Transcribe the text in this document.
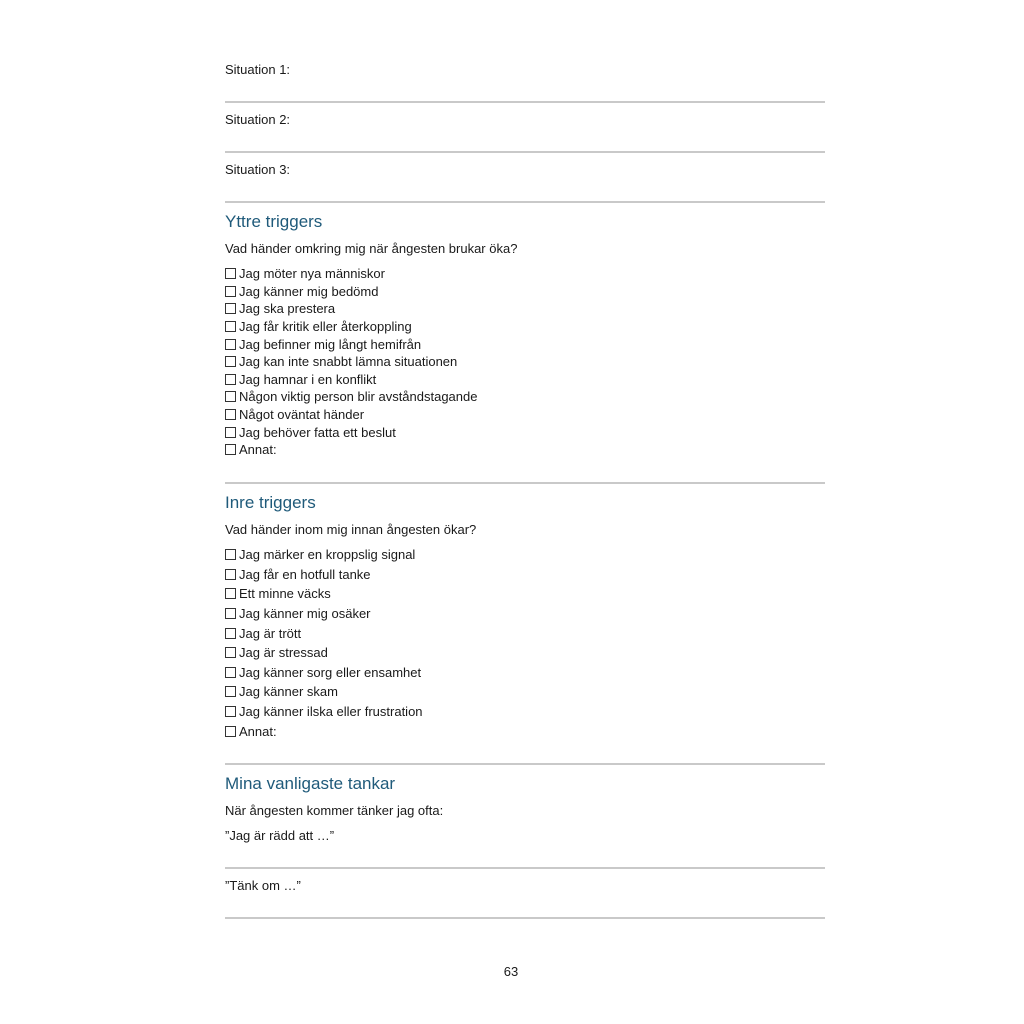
Situation 1:
Situation 2:
Situation 3:
Yttre triggers
Vad händer omkring mig när ångesten brukar öka?
Jag möter nya människor
Jag känner mig bedömd
Jag ska prestera
Jag får kritik eller återkoppling
Jag befinner mig långt hemifrån
Jag kan inte snabbt lämna situationen
Jag hamnar i en konflikt
Någon viktig person blir avståndstagande
Något oväntat händer
Jag behöver fatta ett beslut
Annat:
Inre triggers
Vad händer inom mig innan ångesten ökar?
Jag märker en kroppslig signal
Jag får en hotfull tanke
Ett minne väcks
Jag känner mig osäker
Jag är trött
Jag är stressad
Jag känner sorg eller ensamhet
Jag känner skam
Jag känner ilska eller frustration
Annat:
Mina vanligaste tankar
När ångesten kommer tänker jag ofta:
”Jag är rädd att …”
”Tänk om …”
63
